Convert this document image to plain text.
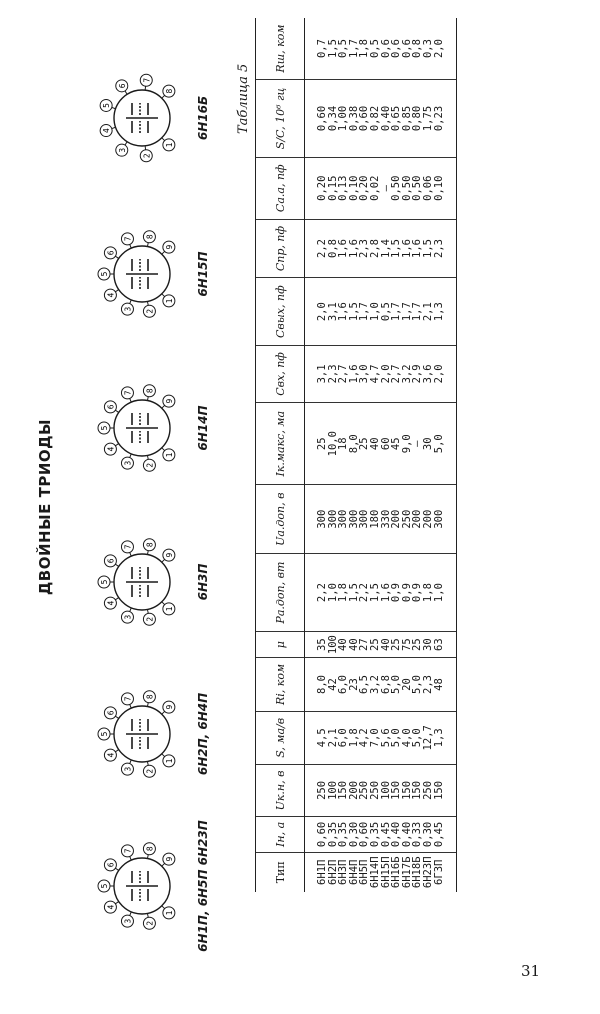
ДВОЙНЫЕ ТРИОДЫ
1
2
3
4
5
6
7 8
9 6Н1П, 6Н5П 6Н23П
1
2
3
4
5
6
7 8
9 6Н2П, 6Н4П
1
2
3
4
5
6
7 8
9
6Н3П
1
2
3
4
5
6
7 8
9
6Н14П
1
2
3
4
5
6
7 8
9
6Н15П
1
2
3
4
5
6
7
8
6Н16Б Таблица 5
Тип	Iн, а	Uк.н, в	S, ма/в	Ri, ком	μ	Pа.доп, вт	Uа.доп, в	Iк.макс, ма	Cвх, пф	Cвых, пф	Cпр, пф	Cа.а, пф	S/C, 10⁶ гц	Rш, ком
6Н1П	0,60	250	4,5	8,0	35	2,2	300	25	3,1	2,0	2,2	0,20	0,60	0,7
6Н2П	0,35	100	2,1	42	100	1,0	300	10,0	2,3	3,1	0,8	0,15	0,34	1,5
6Н3П	0,35	150	6,0	6,0	40	1,8	300	18	2,7	1,6	1,6	0,13	1,00	0,5
6Н4П	0,30	200	1,8	23	40	1,5	300	8,0	1,6	1,5	1,6	0,10	0,38	1,7
6Н5П	0,60	250	4,2	6,5	27	2,2	300	25	3,0	1,7	2,3	0,20	0,60	1,8
6Н14П	0,35	250	7,0	3,2	25	1,5	180	40	4,7	1,0	2,8	0,02	0,82	0,5
6Н15П	0,45	100	5,6	6,8	40	1,6	330	60	2,0	0,5	1,4	—	0,40	0,6
6Н16Б	0,40	150	5,0	5,0	25	0,9	200	45	2,7	1,7	1,5	0,50	0,65	0,6
6Н17Б	0,40	150	4,0	20	75	0,9	250	9,0	3,2	1,7	1,6	0,50	0,85	0,6
6Н18Б	0,33	150	5,0	5,0	25	0,9	200	—	2,9	1,7	1,6	0,50	0,80	0,8
6Н23П	0,30	250	12,7	2,3	30	1,8	200	30	3,6	2,1	1,5	0,06	1,75	0,3
6Г3П	0,45	150	1,3	48	63	1,0	300	5,0	2,0	1,3	2,3	0,10	0,23	2,0
31
